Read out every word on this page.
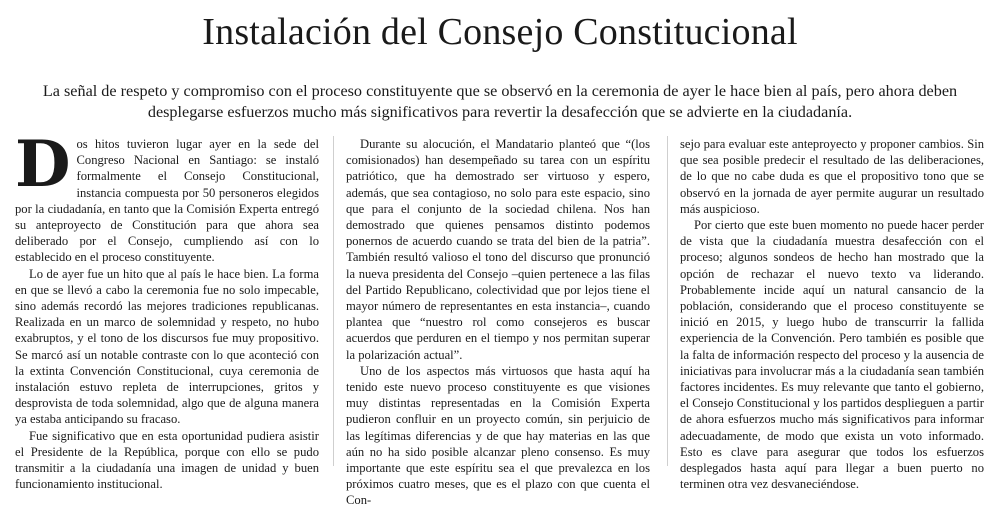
Instalación del Consejo Constitucional

La señal de respeto y compromiso con el proceso constituyente que se observó en la ceremonia de ayer le hace bien al país, pero ahora deben desplegarse esfuerzos mucho más significativos para revertir la desafección que se advierte en la ciudadanía.

D os hitos tuvieron lugar ayer en la sede del Congreso Nacional en Santiago: se instaló formalmente el Consejo Constitucional, instancia compuesta por 50 personeros elegidos por la ciudadanía, en tanto que la Comisión Experta entregó su anteproyecto de Constitución para que ahora sea deliberado por el Consejo, cumpliendo así con lo establecido en el proceso constituyente.

Lo de ayer fue un hito que al país le hace bien. La forma en que se llevó a cabo la ceremonia fue no solo impecable, sino además recordó las mejores tradiciones republicanas. Realizada en un marco de solemnidad y respeto, no hubo exabruptos, y el tono de los discursos fue muy propositivo. Se marcó así un notable contraste con lo que aconteció con la extinta Convención Constitucional, cuya ceremonia de instalación estuvo repleta de interrupciones, gritos y desprovista de toda solemnidad, algo que de alguna manera ya estaba anticipando su fracaso.

Fue significativo que en esta oportunidad pudiera asistir el Presidente de la República, porque con ello se pudo transmitir a la ciudadanía una imagen de unidad y buen funcionamiento institucional.

Durante su alocución, el Mandatario planteó que “(los comisionados) han desempeñado su tarea con un espíritu patriótico, que ha demostrado ser virtuoso y espero, además, que sea contagioso, no solo para este espacio, sino que para el conjunto de la sociedad chilena. Nos han demostrado que quienes pensamos distinto podemos ponernos de acuerdo cuando se trata del bien de la patria”. También resultó valioso el tono del discurso que pronunció la nueva presidenta del Consejo –quien pertenece a las filas del Partido Republicano, colectividad que por lejos tiene el mayor número de representantes en esta instancia–, cuando plantea que “nuestro rol como consejeros es buscar acuerdos que perduren en el tiempo y nos permitan superar la polarización actual”.

Uno de los aspectos más virtuosos que hasta aquí ha tenido este nuevo proceso constituyente es que visiones muy distintas representadas en la Comisión Experta pudieron confluir en un proyecto común, sin perjuicio de las legítimas diferencias y de que hay materias en las que aún no ha sido posible alcanzar pleno consenso. Es muy importante que este espíritu sea el que prevalezca en los próximos cuatro meses, que es el plazo con que cuenta el Con-

sejo para evaluar este anteproyecto y proponer cambios. Sin que sea posible predecir el resultado de las deliberaciones, de lo que no cabe duda es que el propositivo tono que se observó en la jornada de ayer permite augurar un resultado más auspicioso.

Por cierto que este buen momento no puede hacer perder de vista que la ciudadanía muestra desafección con el proceso; algunos sondeos de hecho han mostrado que la opción de rechazar el nuevo texto va liderando. Probablemente incide aquí un natural cansancio de la población, considerando que el proceso constituyente se inició en 2015, y luego hubo de transcurrir la fallida experiencia de la Convención. Pero también es posible que la falta de información respecto del proceso y la ausencia de iniciativas para involucrar más a la ciudadanía sean también factores incidentes. Es muy relevante que tanto el gobierno, el Consejo Constitucional y los partidos desplieguen a partir de ahora esfuerzos mucho más significativos para informar adecuadamente, de modo que exista un voto informado. Esto es clave para asegurar que todos los esfuerzos desplegados hasta aquí para llegar a buen puerto no terminen otra vez desvaneciéndose.
